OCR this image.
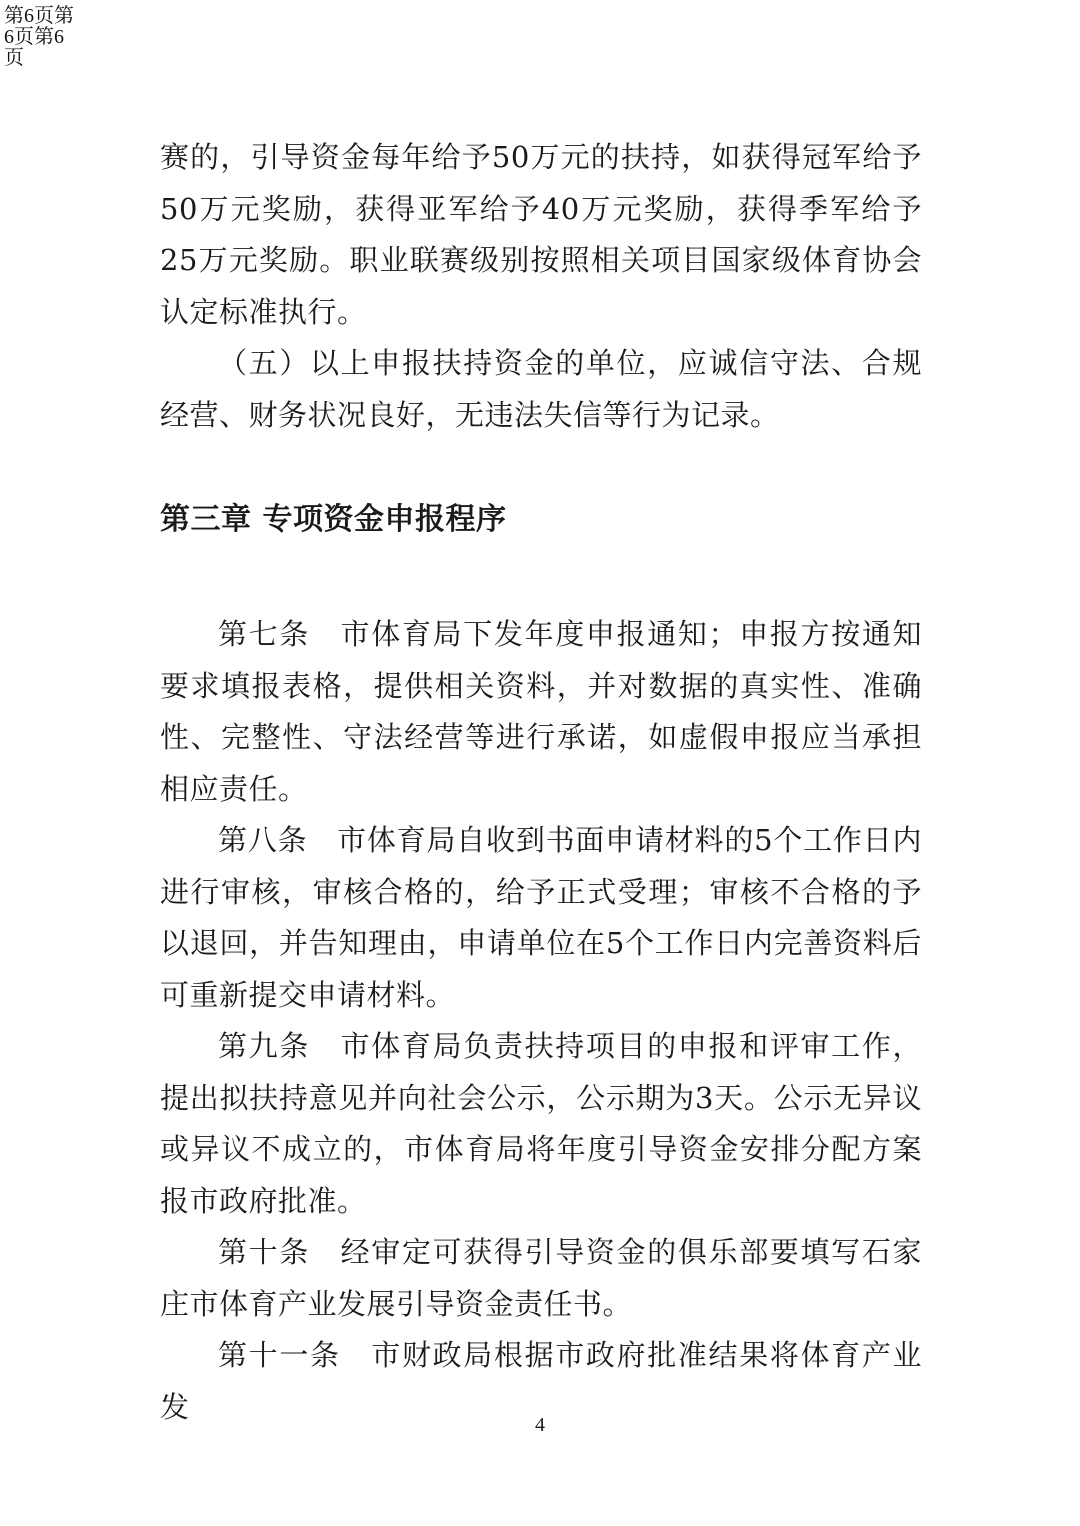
第6页第6页第6页

赛的，引导资金每年给予50万元的扶持，如获得冠军给予50万元奖励，获得亚军给予40万元奖励，获得季军给予25万元奖励。职业联赛级别按照相关项目国家级体育协会认定标准执行。

（五）以上申报扶持资金的单位，应诚信守法、合规经营、财务状况良好，无违法失信等行为记录。

第三章 专项资金申报程序

第七条　市体育局下发年度申报通知；申报方按通知要求填报表格，提供相关资料，并对数据的真实性、准确性、完整性、守法经营等进行承诺，如虚假申报应当承担相应责任。

第八条　市体育局自收到书面申请材料的5个工作日内进行审核，审核合格的，给予正式受理；审核不合格的予以退回，并告知理由，申请单位在5个工作日内完善资料后可重新提交申请材料。

第九条　市体育局负责扶持项目的申报和评审工作，提出拟扶持意见并向社会公示，公示期为3天。公示无异议或异议不成立的，市体育局将年度引导资金安排分配方案报市政府批准。

第十条　经审定可获得引导资金的俱乐部要填写石家庄市体育产业发展引导资金责任书。

第十一条　市财政局根据市政府批准结果将体育产业发

4
